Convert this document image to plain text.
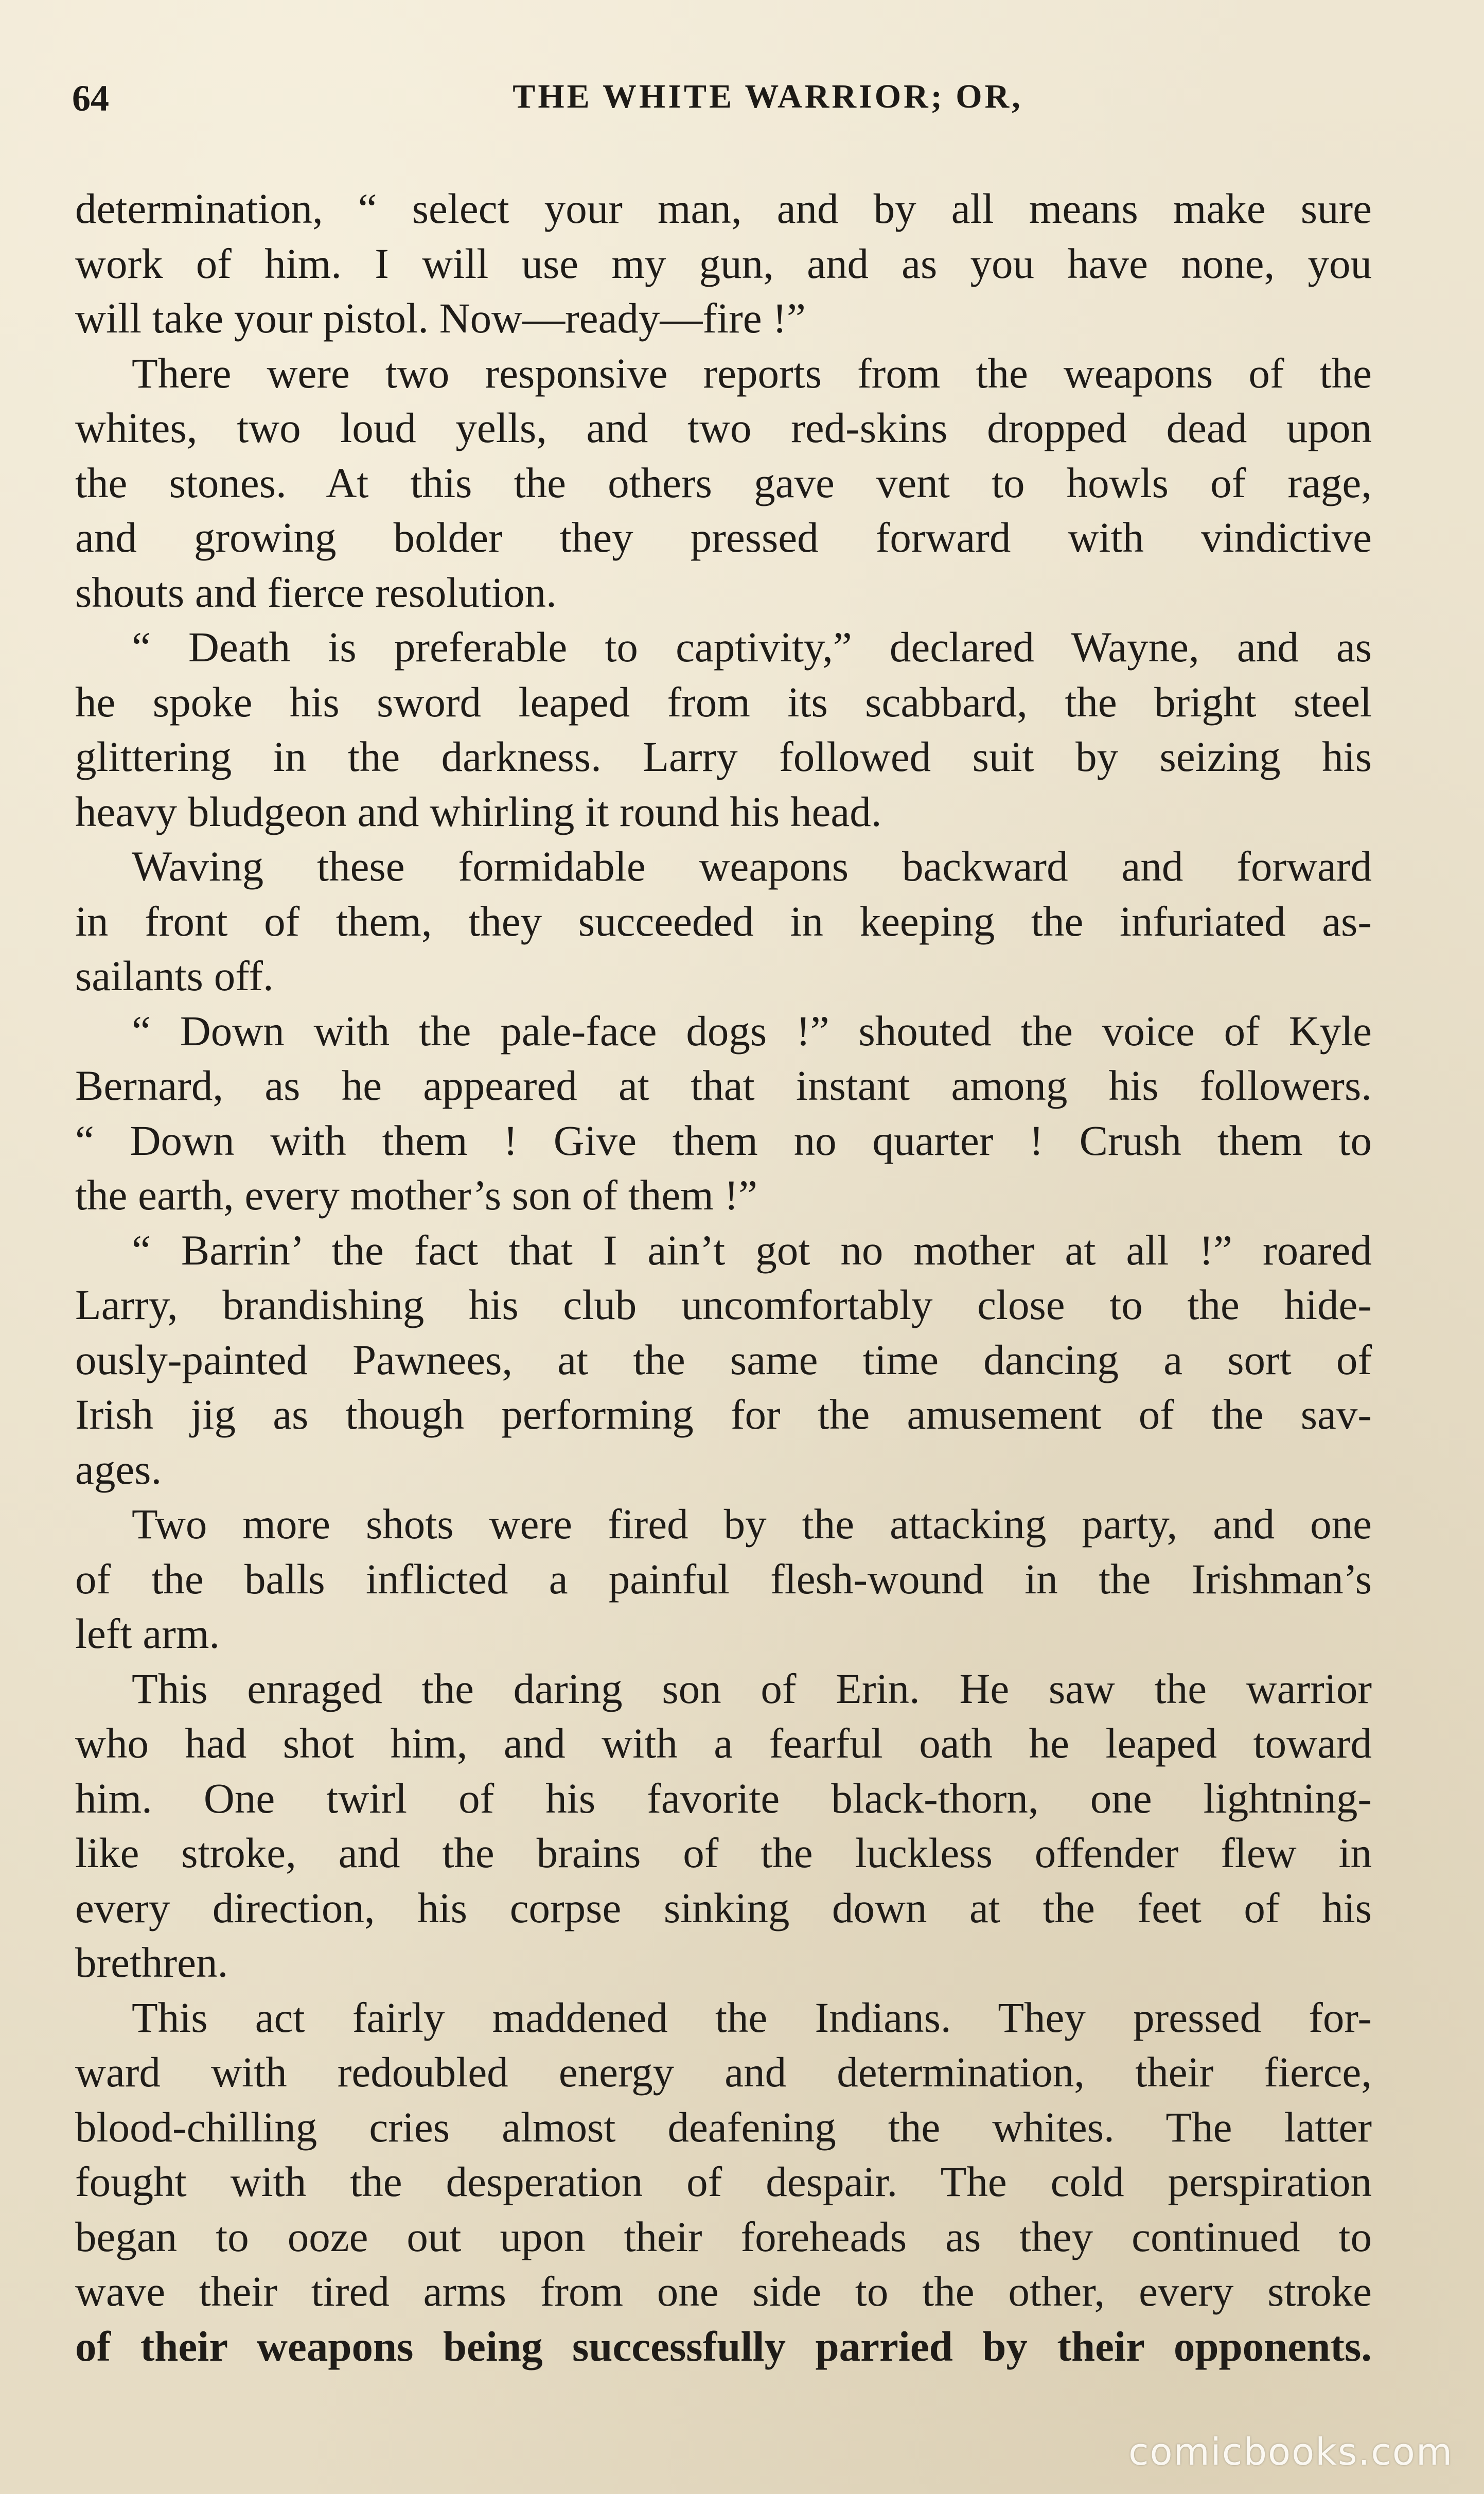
64	THE WHITE WARRIOR; OR,
determination, “ select your man, and by all means make sure
work of him. I will use my gun, and as you have none, you
will take your pistol. Now—ready—fire !”
There were two responsive reports from the weapons of the
whites, two loud yells, and two red-skins dropped dead upon
the stones. At this the others gave vent to howls of rage,
and growing bolder they pressed forward with vindictive
shouts and fierce resolution.
“ Death is preferable to captivity,” declared Wayne, and as
he spoke his sword leaped from its scabbard, the bright steel
glittering in the darkness. Larry followed suit by seizing his
heavy bludgeon and whirling it round his head.
Waving these formidable weapons backward and forward
in front of them, they succeeded in keeping the infuriated as-
sailants off.
“ Down with the pale-face dogs !” shouted the voice of Kyle
Bernard, as he appeared at that instant among his followers.
“ Down with them ! Give them no quarter ! Crush them to
the earth, every mother’s son of them !”
“ Barrin’ the fact that I ain’t got no mother at all !” roared
Larry, brandishing his club uncomfortably close to the hide-
ously-painted Pawnees, at the same time dancing a sort of
Irish jig as though performing for the amusement of the sav-
ages.
Two more shots were fired by the attacking party, and one
of the balls inflicted a painful flesh-wound in the Irishman’s
left arm.
This enraged the daring son of Erin. He saw the warrior
who had shot him, and with a fearful oath he leaped toward
him. One twirl of his favorite black-thorn, one lightning-
like stroke, and the brains of the luckless offender flew in
every direction, his corpse sinking down at the feet of his
brethren.
This act fairly maddened the Indians. They pressed for-
ward with redoubled energy and determination, their fierce,
blood-chilling cries almost deafening the whites. The latter
fought with the desperation of despair. The cold perspiration
began to ooze out upon their foreheads as they continued to
wave their tired arms from one side to the other, every stroke
of their weapons being successfully parried by their opponents.
comicbooks.com
